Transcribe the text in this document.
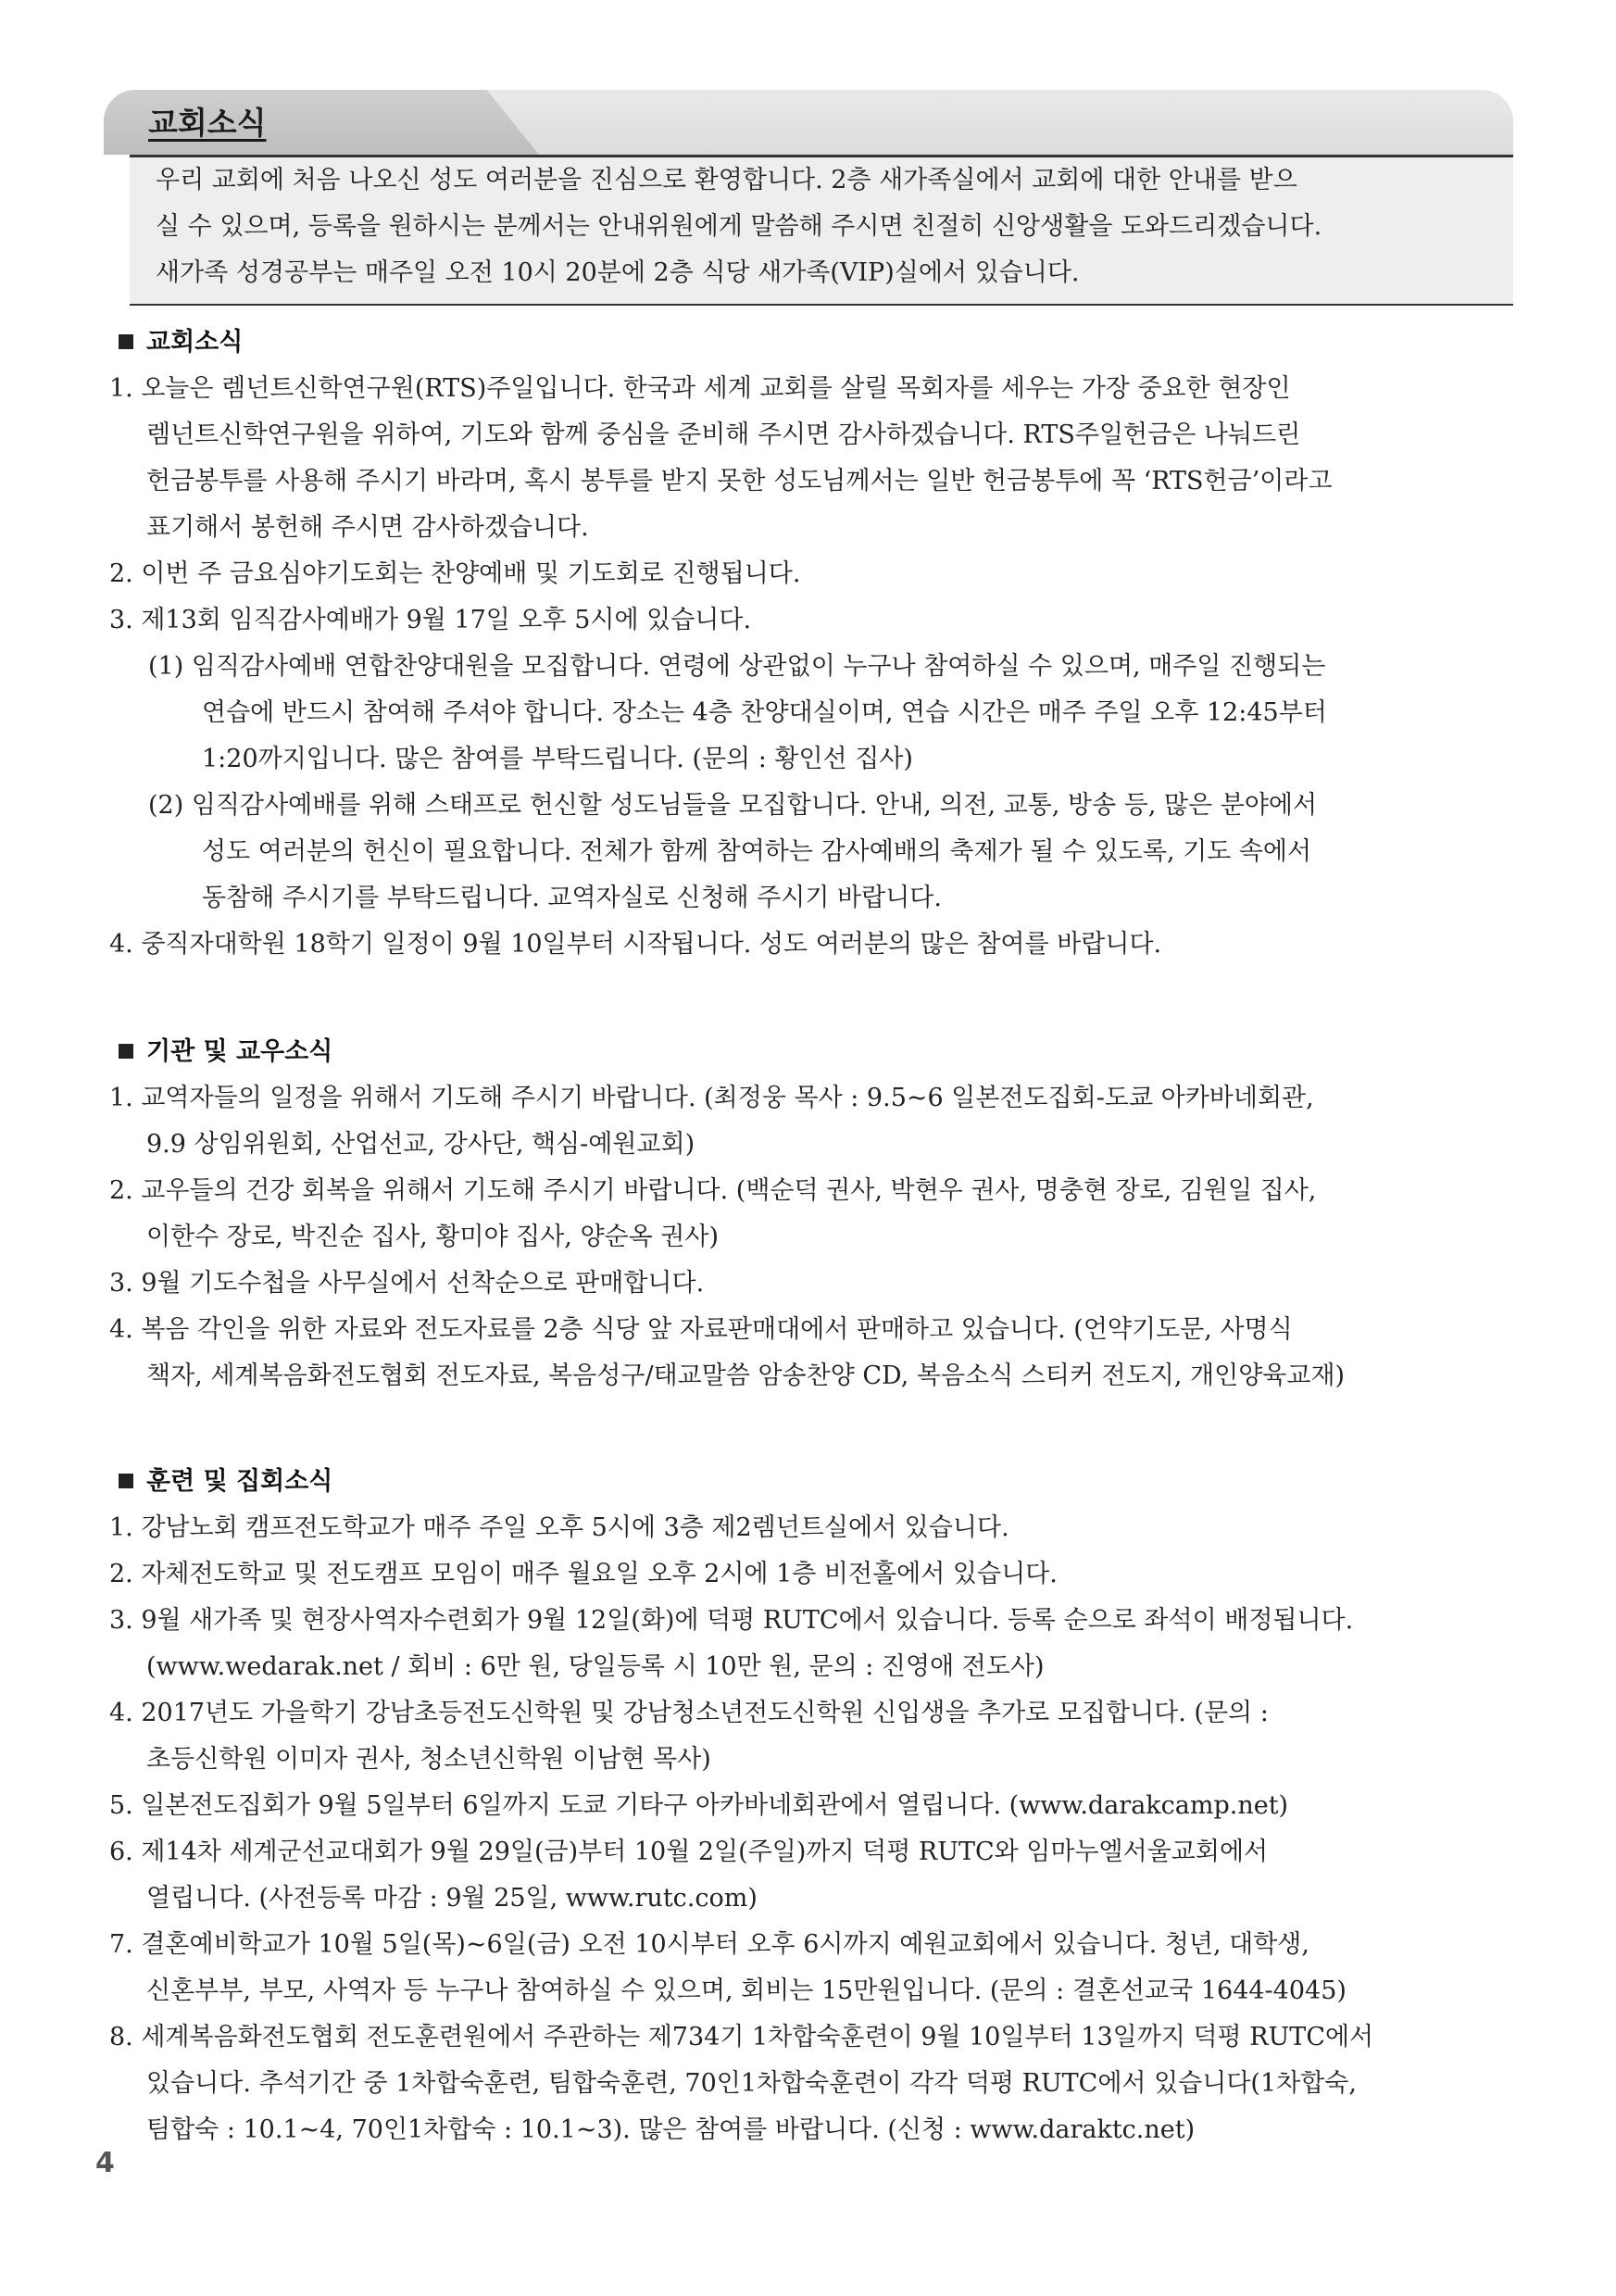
교회소식

우리 교회에 처음 나오신 성도 여러분을 진심으로 환영합니다. 2층 새가족실에서 교회에 대한 안내를 받으

실 수 있으며, 등록을 원하시는 분께서는 안내위원에게 말씀해 주시면 친절히 신앙생활을 도와드리겠습니다.

새가족 성경공부는 매주일 오전 10시 20분에 2층 식당 새가족(VIP)실에서 있습니다.

교회소식
1. 오늘은 렘넌트신학연구원(RTS)주일입니다. 한국과 세계 교회를 살릴 목회자를 세우는 가장 중요한 현장인
렘넌트신학연구원을 위하여, 기도와 함께 중심을 준비해 주시면 감사하겠습니다. RTS주일헌금은 나눠드린
헌금봉투를 사용해 주시기 바라며, 혹시 봉투를 받지 못한 성도님께서는 일반 헌금봉투에 꼭 ‘RTS헌금’이라고
표기해서 봉헌해 주시면 감사하겠습니다.
2. 이번 주 금요심야기도회는 찬양예배 및 기도회로 진행됩니다.
3. 제13회 임직감사예배가 9월 17일 오후 5시에 있습니다.
(1) 임직감사예배 연합찬양대원을 모집합니다. 연령에 상관없이 누구나 참여하실 수 있으며, 매주일 진행되는
연습에 반드시 참여해 주셔야 합니다. 장소는 4층 찬양대실이며, 연습 시간은 매주 주일 오후 12:45부터
1:20까지입니다. 많은 참여를 부탁드립니다. (문의 : 황인선 집사)
(2) 임직감사예배를 위해 스태프로 헌신할 성도님들을 모집합니다. 안내, 의전, 교통, 방송 등, 많은 분야에서
성도 여러분의 헌신이 필요합니다. 전체가 함께 참여하는 감사예배의 축제가 될 수 있도록, 기도 속에서
동참해 주시기를 부탁드립니다. 교역자실로 신청해 주시기 바랍니다.
4. 중직자대학원 18학기 일정이 9월 10일부터 시작됩니다. 성도 여러분의 많은 참여를 바랍니다.
기관 및 교우소식
1. 교역자들의 일정을 위해서 기도해 주시기 바랍니다. (최정웅 목사 : 9.5~6 일본전도집회-도쿄 아카바네회관,
9.9 상임위원회, 산업선교, 강사단, 핵심-예원교회)
2. 교우들의 건강 회복을 위해서 기도해 주시기 바랍니다. (백순덕 권사, 박현우 권사, 명충현 장로, 김원일 집사,
이한수 장로, 박진순 집사, 황미야 집사, 양순옥 권사)
3. 9월 기도수첩을 사무실에서 선착순으로 판매합니다.
4. 복음 각인을 위한 자료와 전도자료를 2층 식당 앞 자료판매대에서 판매하고 있습니다. (언약기도문, 사명식
책자, 세계복음화전도협회 전도자료, 복음성구/태교말씀 암송찬양 CD, 복음소식 스티커 전도지, 개인양육교재)
훈련 및 집회소식
1. 강남노회 캠프전도학교가 매주 주일 오후 5시에 3층 제2렘넌트실에서 있습니다.
2. 자체전도학교 및 전도캠프 모임이 매주 월요일 오후 2시에 1층 비전홀에서 있습니다.
3. 9월 새가족 및 현장사역자수련회가 9월 12일(화)에 덕평 RUTC에서 있습니다. 등록 순으로 좌석이 배정됩니다.
(www.wedarak.net / 회비 : 6만 원, 당일등록 시 10만 원, 문의 : 진영애 전도사)
4. 2017년도 가을학기 강남초등전도신학원 및 강남청소년전도신학원 신입생을 추가로 모집합니다. (문의 :
초등신학원 이미자 권사, 청소년신학원 이남현 목사)
5. 일본전도집회가 9월 5일부터 6일까지 도쿄 기타구 아카바네회관에서 열립니다. (www.darakcamp.net)
6. 제14차 세계군선교대회가 9월 29일(금)부터 10월 2일(주일)까지 덕평 RUTC와 임마누엘서울교회에서
열립니다. (사전등록 마감 : 9월 25일, www.rutc.com)
7. 결혼예비학교가 10월 5일(목)~6일(금) 오전 10시부터 오후 6시까지 예원교회에서 있습니다. 청년, 대학생,
신혼부부, 부모, 사역자 등 누구나 참여하실 수 있으며, 회비는 15만원입니다. (문의 : 결혼선교국 1644-4045)
8. 세계복음화전도협회 전도훈련원에서 주관하는 제734기 1차합숙훈련이 9월 10일부터 13일까지 덕평 RUTC에서
있습니다. 추석기간 중 1차합숙훈련, 팀합숙훈련, 70인1차합숙훈련이 각각 덕평 RUTC에서 있습니다(1차합숙,
팀합숙 : 10.1~4, 70인1차합숙 : 10.1~3). 많은 참여를 바랍니다. (신청 : www.daraktc.net)
4
